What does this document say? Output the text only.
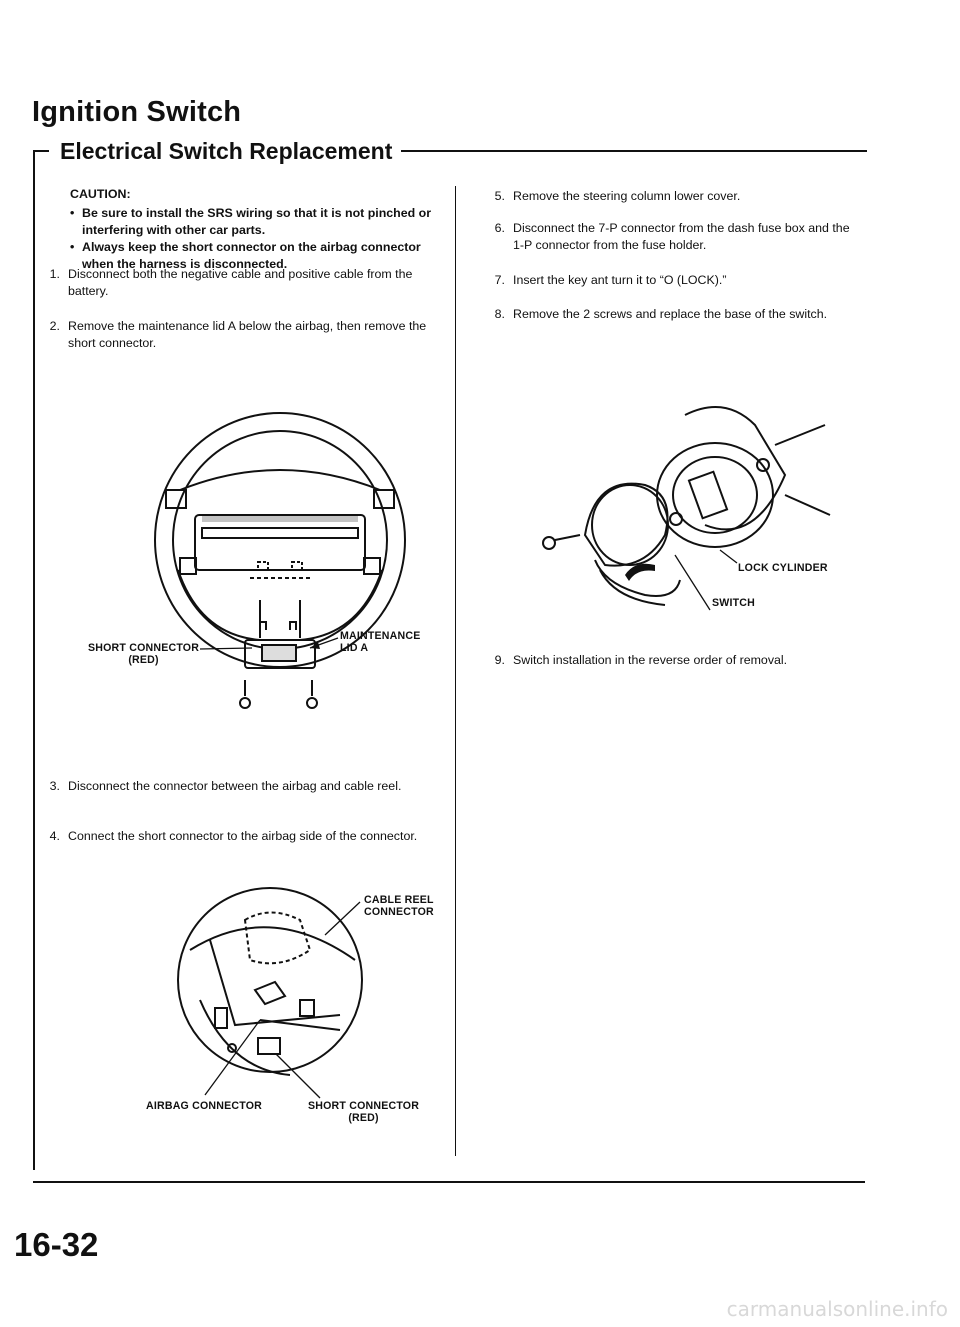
Ignition Switch
Electrical Switch Replacement
CAUTION:
• Be sure to install the SRS wiring so that it is not pinched or interfering with other car parts.
• Always keep the short connector on the airbag connector when the harness is disconnected.
1. Disconnect both the negative cable and positive cable from the battery.
2. Remove the maintenance lid A below the airbag, then remove the short connector.
SHORT CONNECTOR
(RED)
MAINTENANCE
LID A
3. Disconnect the connector between the airbag and cable reel.
4. Connect the short connector to the airbag side of the connector.
CABLE REEL
CONNECTOR
AIRBAG CONNECTOR	SHORT CONNECTOR
(RED)
5. Remove the steering column lower cover.
6. Disconnect the 7-P connector from the dash fuse box and the 1-P connector from the fuse holder.
7. Insert the key ant turn it to “O (LOCK).”
8. Remove the 2 screws and replace the base of the switch.
LOCK CYLINDER
SWITCH
9. Switch installation in the reverse order of removal.
16-32
carmanualsonline.info
